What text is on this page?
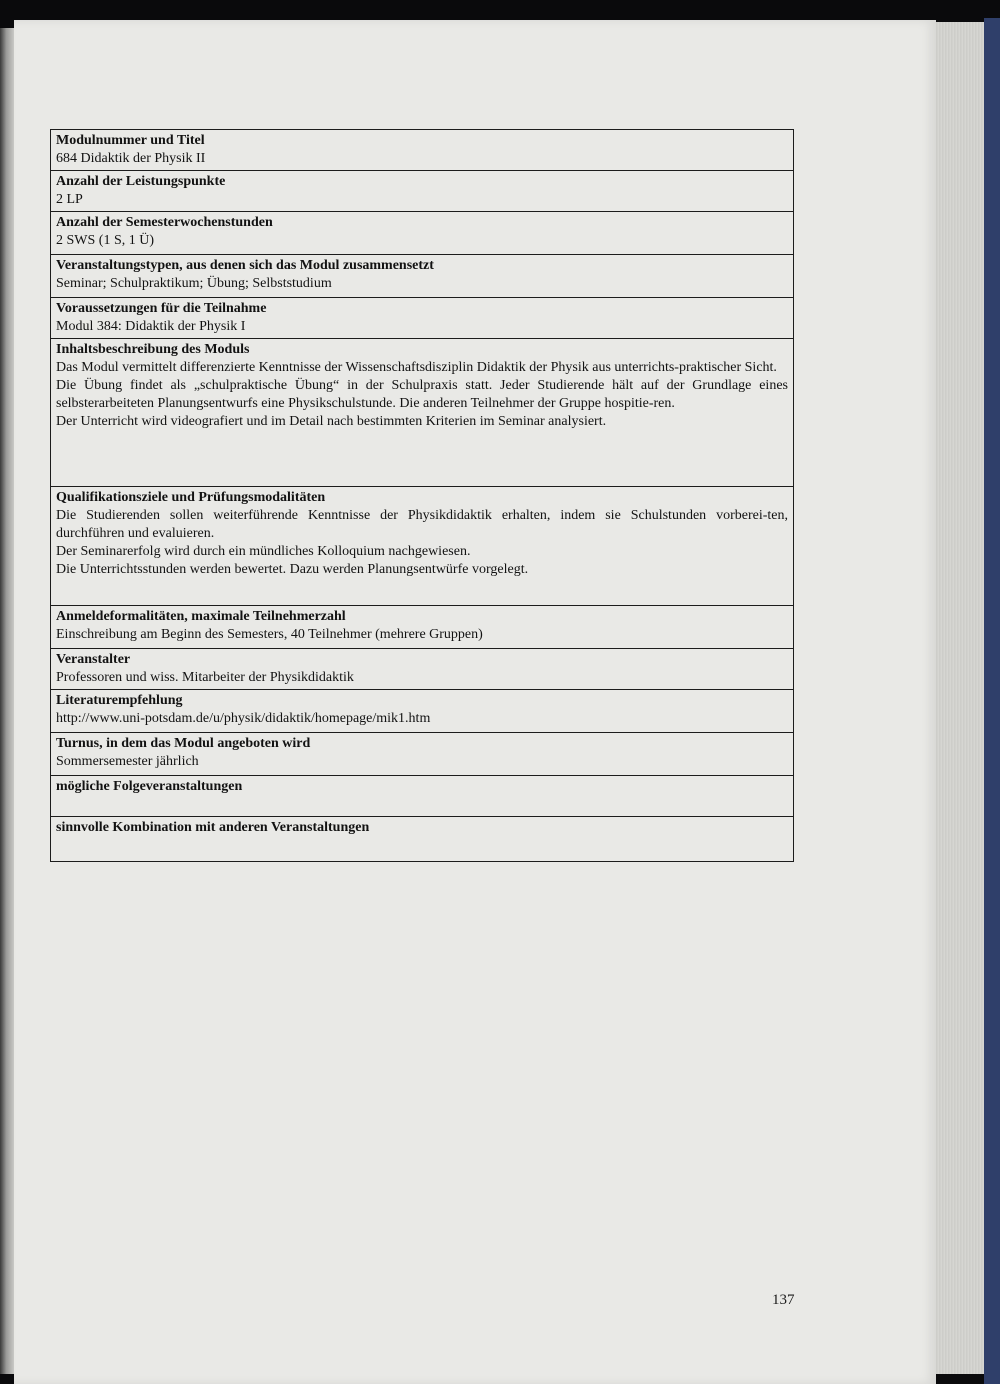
Modulnummer und Titel
684 Didaktik der Physik II

Anzahl der Leistungspunkte
2 LP

Anzahl der Semesterwochenstunden
2 SWS (1 S, 1 Ü)

Veranstaltungstypen, aus denen sich das Modul zusammensetzt
Seminar; Schulpraktikum; Übung; Selbststudium

Voraussetzungen für die Teilnahme
Modul 384: Didaktik der Physik I

Inhaltsbeschreibung des Moduls
Das Modul vermittelt differenzierte Kenntnisse der Wissenschaftsdisziplin Didaktik der Physik aus unterrichts-praktischer Sicht.
Die Übung findet als „schulpraktische Übung“ in der Schulpraxis statt. Jeder Studierende hält auf der Grundlage eines selbsterarbeiteten Planungsentwurfs eine Physikschulstunde. Die anderen Teilnehmer der Gruppe hospitie-ren.
Der Unterricht wird videografiert und im Detail nach bestimmten Kriterien im Seminar analysiert.

Qualifikationsziele und Prüfungsmodalitäten
Die Studierenden sollen weiterführende Kenntnisse der Physikdidaktik erhalten, indem sie Schulstunden vorberei-ten, durchführen und evaluieren.
Der Seminarerfolg wird durch ein mündliches Kolloquium nachgewiesen.
Die Unterrichtsstunden werden bewertet. Dazu werden Planungsentwürfe vorgelegt.

Anmeldeformalitäten, maximale Teilnehmerzahl
Einschreibung am Beginn des Semesters, 40 Teilnehmer (mehrere Gruppen)

Veranstalter
Professoren und wiss. Mitarbeiter der Physikdidaktik

Literaturempfehlung
http://www.uni-potsdam.de/u/physik/didaktik/homepage/mik1.htm

Turnus, in dem das Modul angeboten wird
Sommersemester jährlich

mögliche Folgeveranstaltungen

sinnvolle Kombination mit anderen Veranstaltungen
137
